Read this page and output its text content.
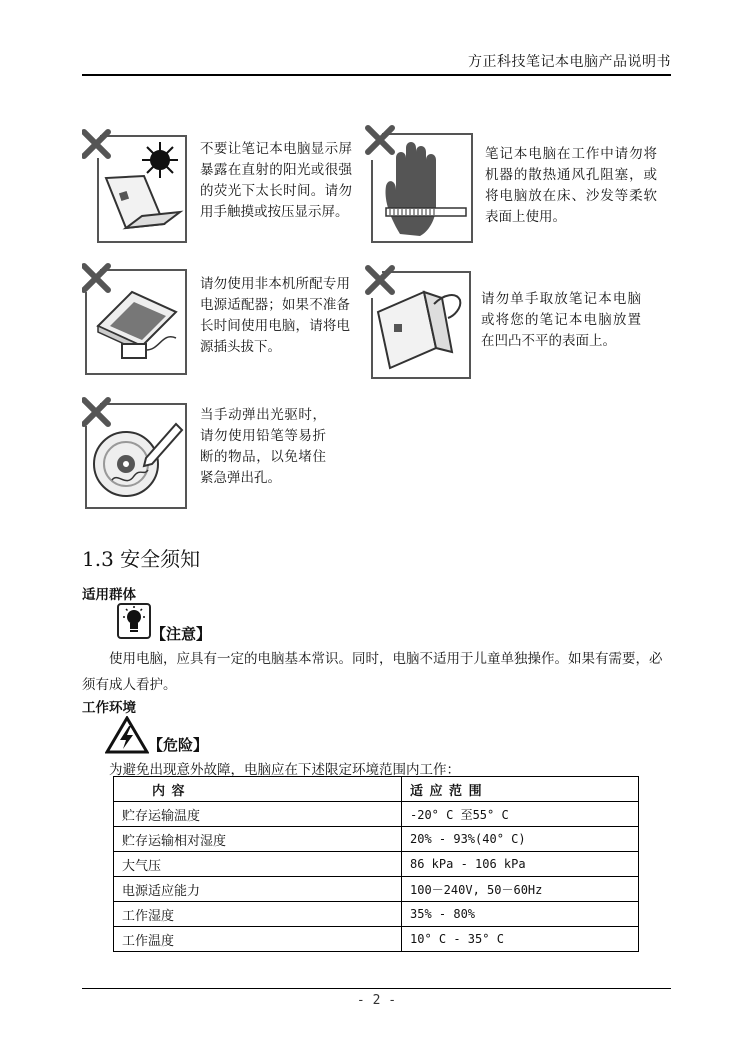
方正科技笔记本电脑产品说明书
不要让笔记本电脑显示屏暴露在直射的阳光或很强的荧光下太长时间。请勿用手触摸或按压显示屏。
笔记本电脑在工作中请勿将机器的散热通风孔阻塞，或将电脑放在床、沙发等柔软表面上使用。
请勿使用非本机所配专用电源适配器；如果不准备长时间使用电脑，请将电源插头拔下。
请勿单手取放笔记本电脑或将您的笔记本电脑放置在凹凸不平的表面上。
当手动弹出光驱时，请勿使用铅笔等易折断的物品，以免堵住紧急弹出孔。
1.3 安全须知
适用群体
【注意】
使用电脑，应具有一定的电脑基本常识。同时，电脑不适用于儿童单独操作。如果有需要，必须有成人看护。
工作环境
【危险】
为避免出现意外故障，电脑应在下述限定环境范围内工作：
内 容	适 应 范 围
贮存运输温度	-20° C 至55° C
贮存运输相对湿度	20% - 93%(40° C)
大气压	86 kPa - 106 kPa
电源适应能力	100－240V, 50－60Hz
工作湿度	35% - 80%
工作温度	10° C - 35° C
- 2 -
